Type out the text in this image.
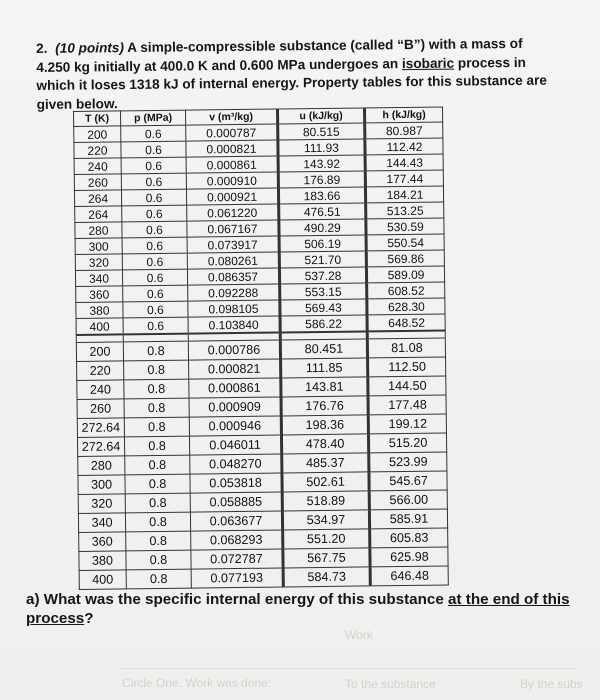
2. (10 points) A simple-compressible substance (called “B”) with a mass of 4.250 kg initially at 400.0 K and 0.600 MPa undergoes an isobaric process in which it loses 1318 kJ of internal energy. Property tables for this substance are given below.
T (K)	p (MPa)	v (m³/kg)	u (kJ/kg)	h (kJ/kg)
200	0.6	0.000787	80.515	80.987
220	0.6	0.000821	111.93	112.42
240	0.6	0.000861	143.92	144.43
260	0.6	0.000910	176.89	177.44
264	0.6	0.000921	183.66	184.21
264	0.6	0.061220	476.51	513.25
280	0.6	0.067167	490.29	530.59
300	0.6	0.073917	506.19	550.54
320	0.6	0.080261	521.70	569.86
340	0.6	0.086357	537.28	589.09
360	0.6	0.092288	553.15	608.52
380	0.6	0.098105	569.43	628.30
400	0.6	0.103840	586.22	648.52

200	0.8	0.000786	80.451	81.08
220	0.8	0.000821	111.85	112.50
240	0.8	0.000861	143.81	144.50
260	0.8	0.000909	176.76	177.48
272.64	0.8	0.000946	198.36	199.12
272.64	0.8	0.046011	478.40	515.20
280	0.8	0.048270	485.37	523.99
300	0.8	0.053818	502.61	545.67
320	0.8	0.058885	518.89	566.00
340	0.8	0.063677	534.97	585.91
360	0.8	0.068293	551.20	605.83
380	0.8	0.072787	567.75	625.98
400	0.8	0.077193	584.73	646.48
a) What was the specific internal energy of this substance at the end of this process?
Work
Circle One. Work was done:	To the substance	By the subs
